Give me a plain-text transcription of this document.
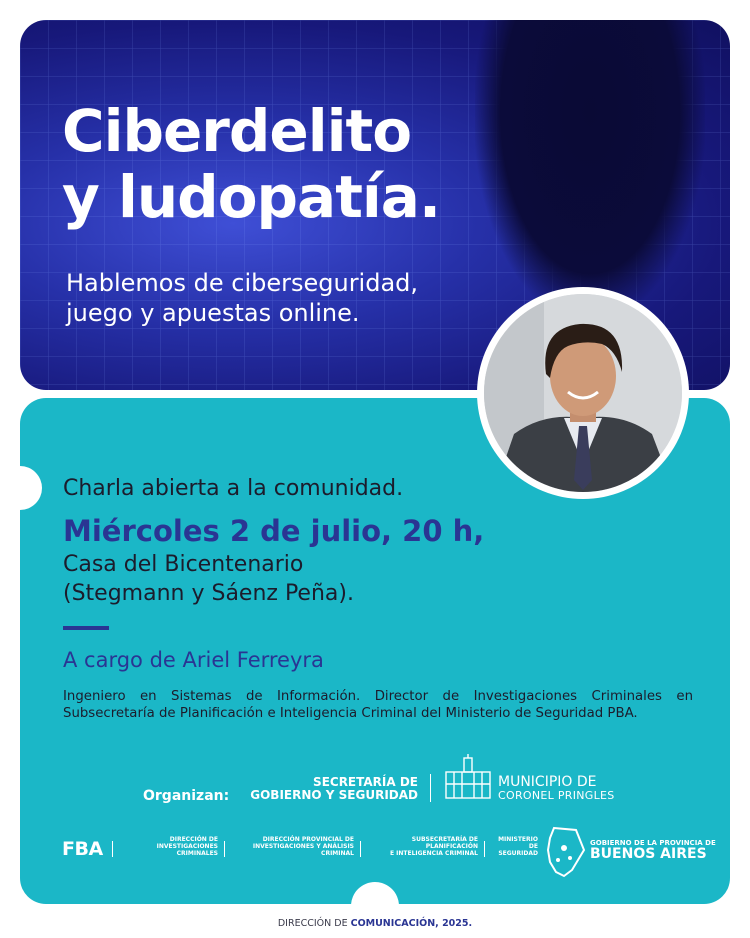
Ciberdelito
y ludopatía.
Hablemos de ciberseguridad,
juego y apuestas online.
Charla abierta a la comunidad.
Miércoles 2 de julio, 20 h,
Casa del Bicentenario
(Stegmann y Sáenz Peña).
A cargo de Ariel Ferreyra
Ingeniero en Sistemas de Información. Director de Investigaciones Criminales en Subsecretaría de Planificación e Inteligencia Criminal del Ministerio de Seguridad PBA.
Organizan:
SECRETARÍA DE
GOBIERNO Y SEGURIDAD
MUNICIPIO DE
CORONEL PRINGLES
FBA	DIRECCIÓN DE
INVESTIGACIONES CRIMINALES
DIRECCIÓN PROVINCIAL DE
INVESTIGACIONES Y ANÁLISIS CRIMINAL
SUBSECRETARÍA DE PLANIFICACIÓN
E INTELIGENCIA CRIMINAL
MINISTERIO DE
SEGURIDAD
GOBIERNO DE LA PROVINCIA DE
BUENOS AIRES
DIRECCIÓN DE COMUNICACIÓN, 2025.
